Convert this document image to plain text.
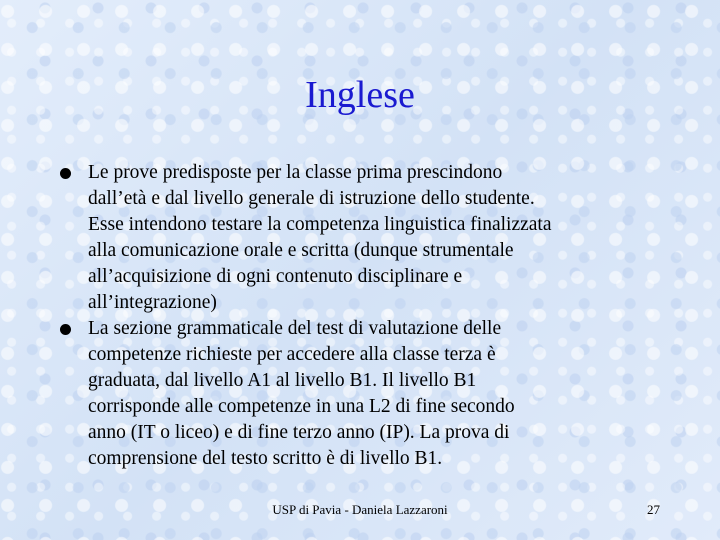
Inglese
Le prove predisposte per la classe prima prescindono
dall’età e dal livello generale di istruzione dello studente.
Esse intendono testare la competenza linguistica finalizzata
alla comunicazione orale e scritta (dunque strumentale
all’acquisizione di ogni contenuto disciplinare e
all’integrazione)
La sezione grammaticale del test di valutazione delle
competenze richieste per accedere alla classe terza è
graduata, dal livello A1 al livello B1. Il livello B1
corrisponde alle competenze in una L2 di fine secondo
anno (IT o liceo) e di fine terzo anno (IP). La prova di
comprensione del testo scritto è di livello B1.

USP di Pavia - Daniela Lazzaroni	27
